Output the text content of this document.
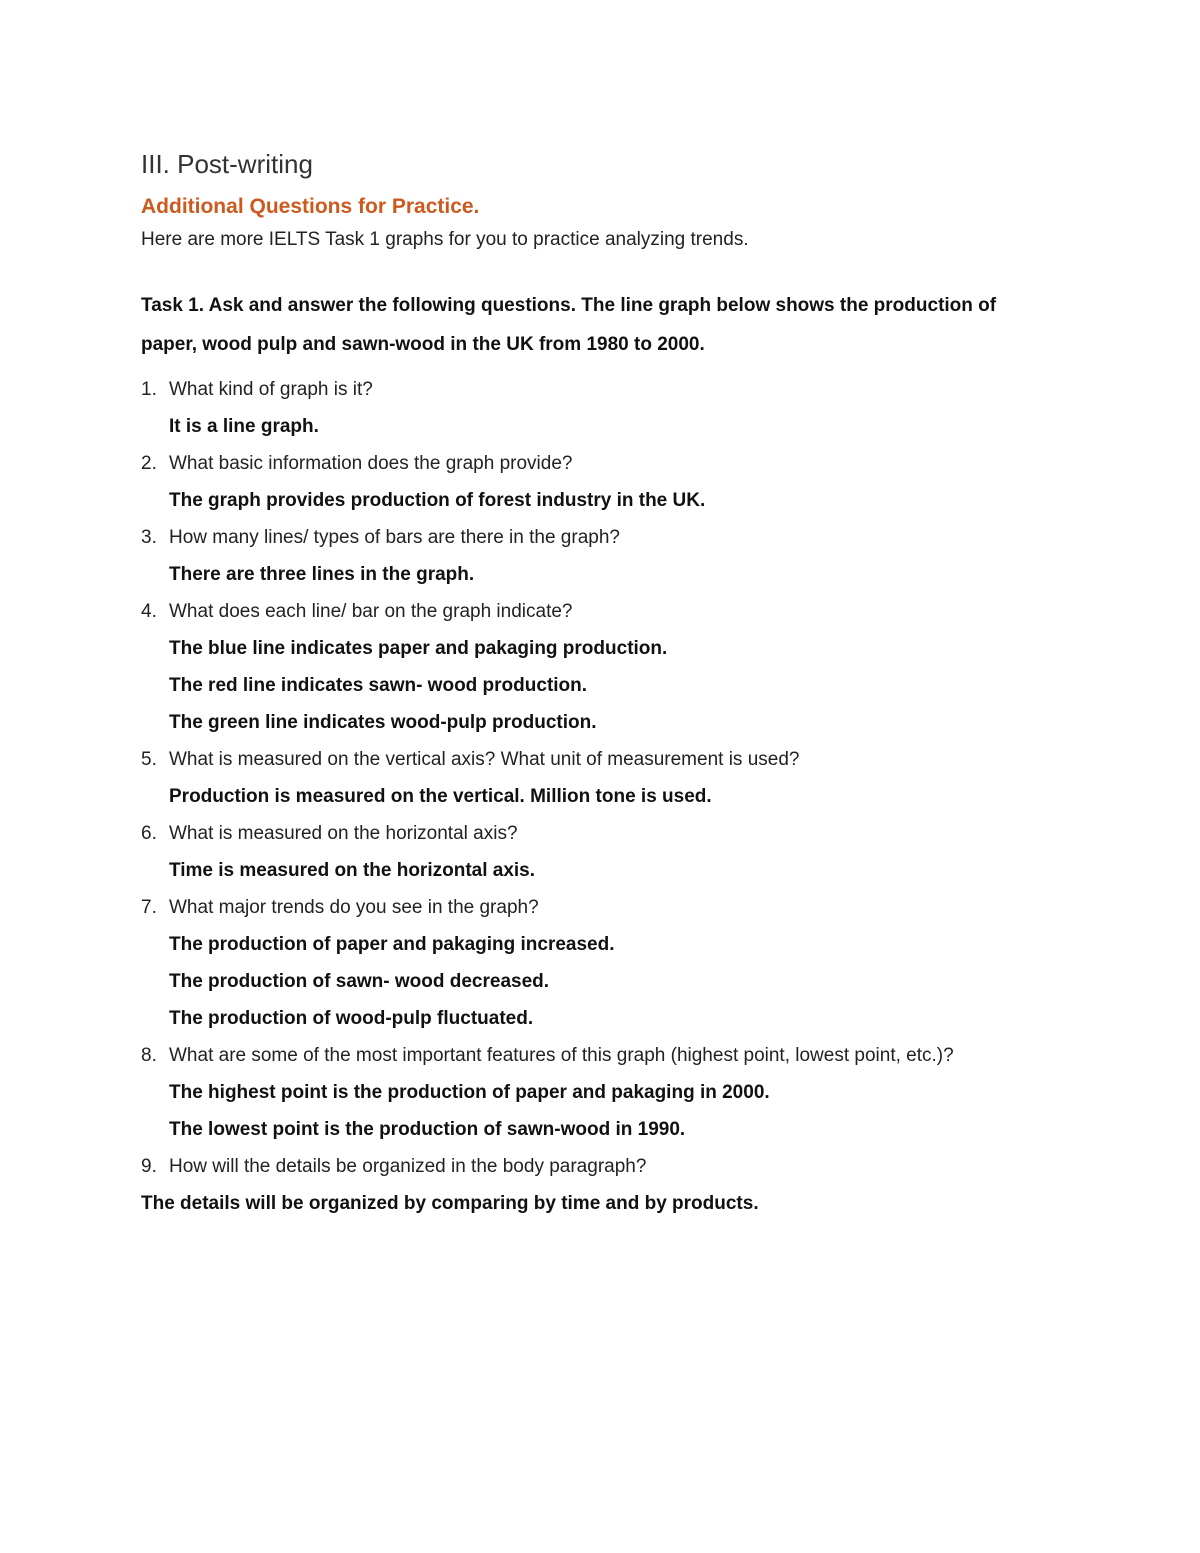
III. Post-writing
Additional Questions for Practice.

Here are more IELTS Task 1 graphs for you to practice analyzing trends.

Task 1. Ask and answer the following questions. The line graph below shows the production of paper, wood pulp and sawn-wood in the UK from 1980 to 2000.

1. What kind of graph is it?
It is a line graph.
2. What basic information does the graph provide?
The graph provides production of forest industry in the UK.
3. How many lines/ types of bars are there in the graph?
There are three lines in the graph.
4. What does each line/ bar on the graph indicate?
The blue line indicates paper and pakaging production.
The red line indicates sawn- wood production.
The green line indicates wood-pulp production.
5. What is measured on the vertical axis? What unit of measurement is used?
Production is measured on the vertical. Million tone is used.
6. What is measured on the horizontal axis?
Time is measured on the horizontal axis.
7. What major trends do you see in the graph?
The production of paper and pakaging increased.
The production of sawn- wood decreased.
The production of wood-pulp fluctuated.
8. What are some of the most important features of this graph (highest point, lowest point, etc.)?
The highest point is the production of paper and pakaging in 2000.
The lowest point is the production of sawn-wood in 1990.
9. How will the details be organized in the body paragraph?

The details will be organized by comparing by time and by products.
